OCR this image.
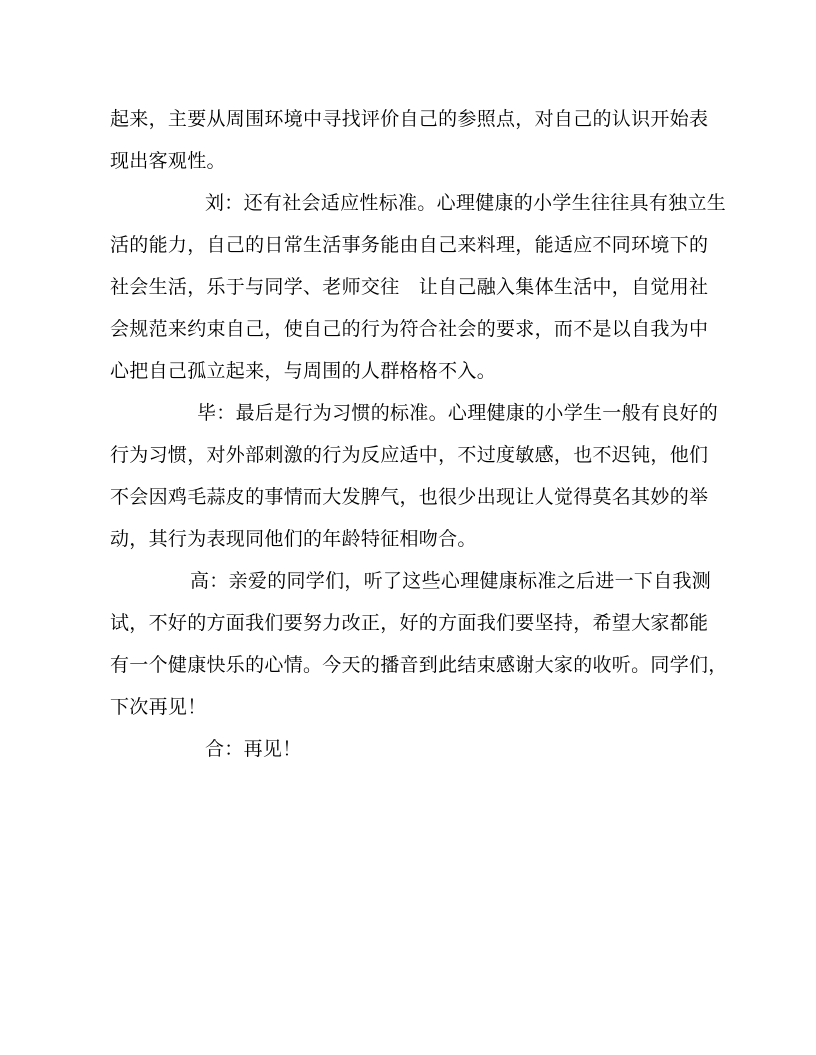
起来，主要从周围环境中寻找评价自己的参照点，对自己的认识开始表
现出客观性。
刘：还有社会适应性标准。心理健康的小学生往往具有独立生
活的能力，自己的日常生活事务能由自己来料理，能适应不同环境下的
社会生活，乐于与同学、老师交往　让自己融入集体生活中，自觉用社
会规范来约束自己，使自己的行为符合社会的要求，而不是以自我为中
心把自己孤立起来，与周围的人群格格不入。
毕：最后是行为习惯的标准。心理健康的小学生一般有良好的
行为习惯，对外部刺激的行为反应适中，不过度敏感，也不迟钝，他们
不会因鸡毛蒜皮的事情而大发脾气，也很少出现让人觉得莫名其妙的举
动，其行为表现同他们的年龄特征相吻合。
高：亲爱的同学们，听了这些心理健康标准之后进一下自我测
试，不好的方面我们要努力改正，好的方面我们要坚持，希望大家都能
有一个健康快乐的心情。今天的播音到此结束感谢大家的收听。同学们，
下次再见！
合：再见！
